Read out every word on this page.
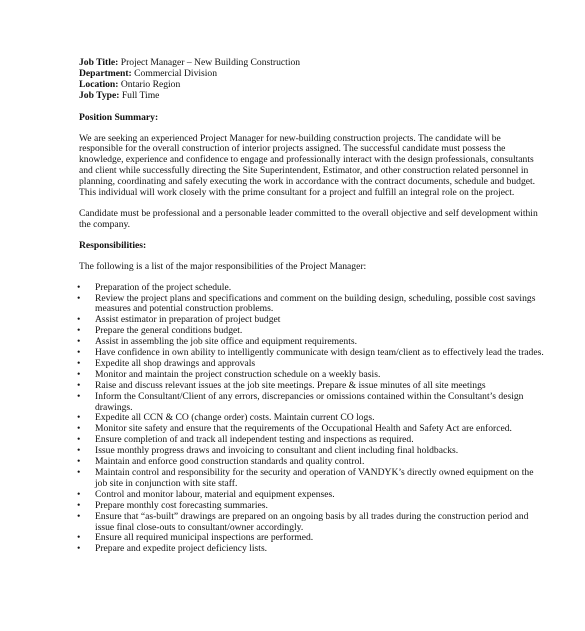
Job Title: Project Manager – New Building Construction
Department: Commercial Division
Location: Ontario Region
Job Type: Full Time
Position Summary:

We are seeking an experienced Project Manager for new-building construction projects. The candidate will be responsible for the overall construction of interior projects assigned. The successful candidate must possess the knowledge, experience and confidence to engage and professionally interact with the design professionals, consultants and client while successfully directing the Site Superintendent, Estimator, and other construction related personnel in planning, coordinating and safely executing the work in accordance with the contract documents, schedule and budget. This individual will work closely with the prime consultant for a project and fulfill an integral role on the project.

Candidate must be professional and a personable leader committed to the overall objective and self development within the company.

Responsibilities:

The following is a list of the major responsibilities of the Project Manager:

• Preparation of the project schedule.
• Review the project plans and specifications and comment on the building design, scheduling, possible cost savings measures and potential construction problems.
• Assist estimator in preparation of project budget
• Prepare the general conditions budget.
• Assist in assembling the job site office and equipment requirements.
• Have confidence in own ability to intelligently communicate with design team/client as to effectively lead the trades.
• Expedite all shop drawings and approvals
• Monitor and maintain the project construction schedule on a weekly basis.
• Raise and discuss relevant issues at the job site meetings. Prepare & issue minutes of all site meetings
• Inform the Consultant/Client of any errors, discrepancies or omissions contained within the Consultant’s design drawings.
• Expedite all CCN & CO (change order) costs. Maintain current CO logs.
• Monitor site safety and ensure that the requirements of the Occupational Health and Safety Act are enforced.
• Ensure completion of and track all independent testing and inspections as required.
• Issue monthly progress draws and invoicing to consultant and client including final holdbacks.
• Maintain and enforce good construction standards and quality control.
• Maintain control and responsibility for the security and operation of VANDYK’s directly owned equipment on the job site in conjunction with site staff.
• Control and monitor labour, material and equipment expenses.
• Prepare monthly cost forecasting summaries.
• Ensure that “as-built” drawings are prepared on an ongoing basis by all trades during the construction period and issue final close-outs to consultant/owner accordingly.
• Ensure all required municipal inspections are performed.
• Prepare and expedite project deficiency lists.
